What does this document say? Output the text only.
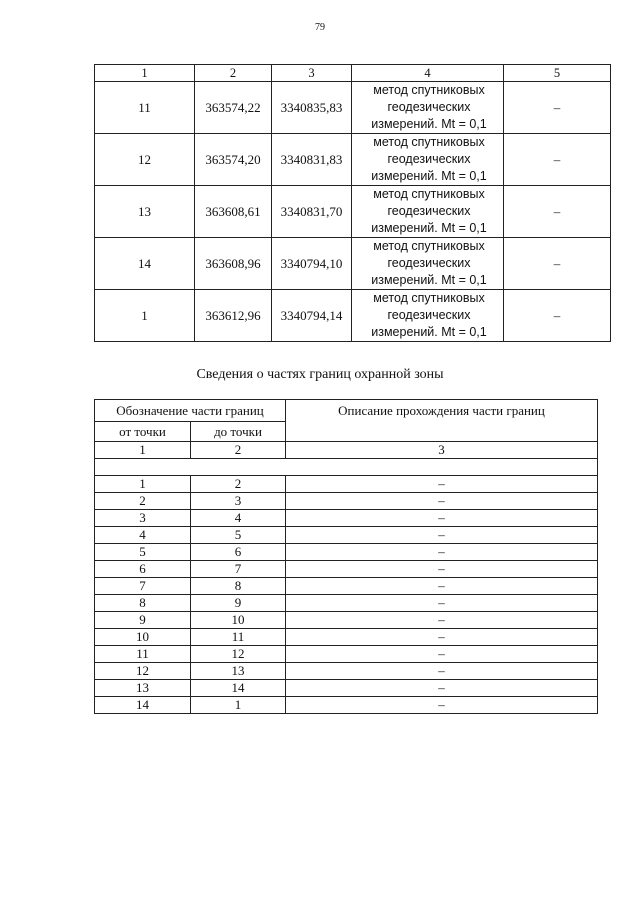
79
1	2	3	4	5
11	363574,22	3340835,83	метод спутниковых
геодезических
измерений. Mt = 0,1	–
12	363574,20	3340831,83	метод спутниковых
геодезических
измерений. Mt = 0,1	–
13	363608,61	3340831,70	метод спутниковых
геодезических
измерений. Mt = 0,1	–
14	363608,96	3340794,10	метод спутниковых
геодезических
измерений. Mt = 0,1	–
1	363612,96	3340794,14	метод спутниковых
геодезических
измерений. Mt = 0,1	–
Сведения о частях границ охранной зоны
Обозначение части границ		Описание прохождения части границ
от точки	до точки	
1	2	3

1	2	–
2	3	–
3	4	–
4	5	–
5	6	–
6	7	–
7	8	–
8	9	–
9	10	–
10	11	–
11	12	–
12	13	–
13	14	–
14	1	–
